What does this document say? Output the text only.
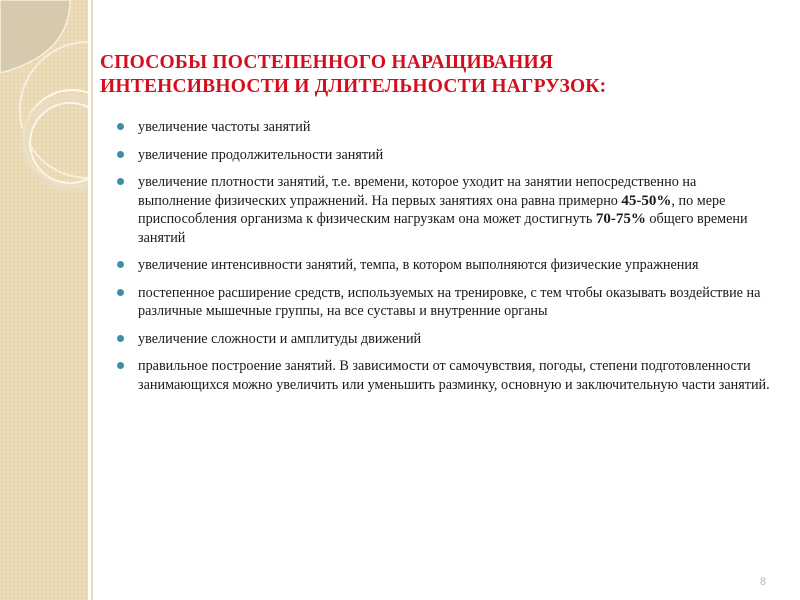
СПОСОБЫ ПОСТЕПЕННОГО НАРАЩИВАНИЯ
ИНТЕНСИВНОСТИ И ДЛИТЕЛЬНОСТИ НАГРУЗОК:
увеличение частоты занятий
увеличение продолжительности занятий
увеличение плотности занятий, т.е. времени, которое уходит на занятии непосредственно на выполнение физических упражнений. На первых занятиях она равна примерно 45-50%, по мере приспособления организма к физическим нагрузкам она может достигнуть 70-75% общего времени занятий
увеличение интенсивности занятий, темпа, в котором выполняются физические упражнения
постепенное расширение средств, используемых на тренировке, с тем чтобы оказывать воздействие на различные мышечные группы, на все суставы и внутренние органы
увеличение сложности и амплитуды движений
правильное построение занятий. В зависимости от самочувствия, погоды, степени подготовленности занимающихся можно увеличить или уменьшить разминку, основную и заключительную части занятий.
8
